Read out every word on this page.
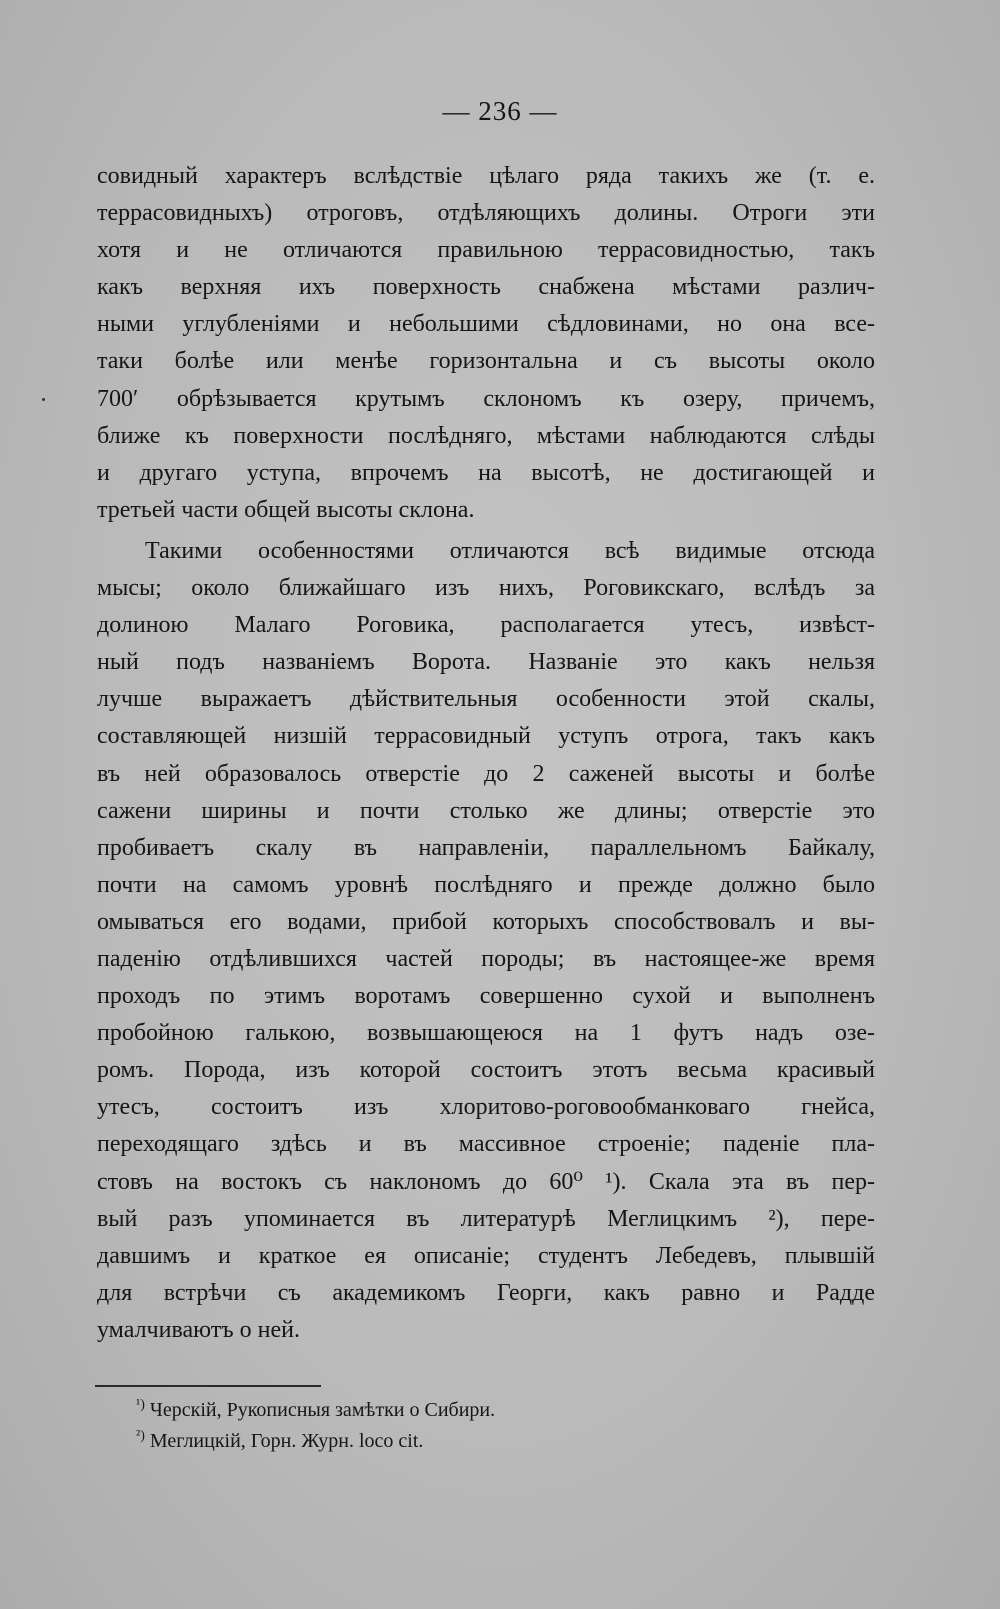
— 236 —
совидный характеръ вслѣдствіе цѣлаго ряда такихъ же (т. е.
террасовидныхъ) отроговъ, отдѣляющихъ долины. Отроги эти
хотя и не отличаются правильною террасовидностью, такъ
какъ верхняя ихъ поверхность снабжена мѣстами различ-
ными углубленіями и небольшими сѣдловинами, но она все-
таки болѣе или менѣе горизонтальна и съ высоты около
700′ обрѣзывается крутымъ склономъ къ озеру, причемъ,
ближе къ поверхности послѣдняго, мѣстами наблюдаются слѣды
и другаго уступа, впрочемъ на высотѣ, не достигающей и
третьей части общей высоты склона.
Такими особенностями отличаются всѣ видимые отсюда
мысы; около ближайшаго изъ нихъ, Роговикскаго, вслѣдъ за
долиною Малаго Роговика, располагается утесъ, извѣст-
ный подъ названіемъ Ворота. Названіе это какъ нельзя
лучше выражаетъ дѣйствительныя особенности этой скалы,
составляющей низшій террасовидный уступъ отрога, такъ какъ
въ ней образовалось отверстіе до 2 саженей высоты и болѣе
сажени ширины и почти столько же длины; отверстіе это
пробиваетъ скалу въ направленіи, параллельномъ Байкалу,
почти на самомъ уровнѣ послѣдняго и прежде должно было
омываться его водами, прибой которыхъ способствовалъ и вы-
паденію отдѣлившихся частей породы; въ настоящее-же время
проходъ по этимъ воротамъ совершенно сухой и выполненъ
пробойною галькою, возвышающеюся на 1 футъ надъ озе-
ромъ. Порода, изъ которой состоитъ этотъ весьма красивый
утесъ, состоитъ изъ хлоритово-роговообманковаго гнейса,
переходящаго здѣсь и въ массивное строеніе; паденіе пла-
стовъ на востокъ съ наклономъ до 60⁰ ¹). Скала эта въ пер-
вый разъ упоминается въ литературѣ Меглицкимъ ²), пере-
давшимъ и краткое ея описаніе; студентъ Лебедевъ, плывшій
для встрѣчи съ академикомъ Георги, какъ равно и Радде
умалчиваютъ о ней.
$^{^1)}$ Черскій, Рукописныя замѣтки о Сибири.
$^{^2)}$ Меглицкій, Горн. Журн. loco cit.
